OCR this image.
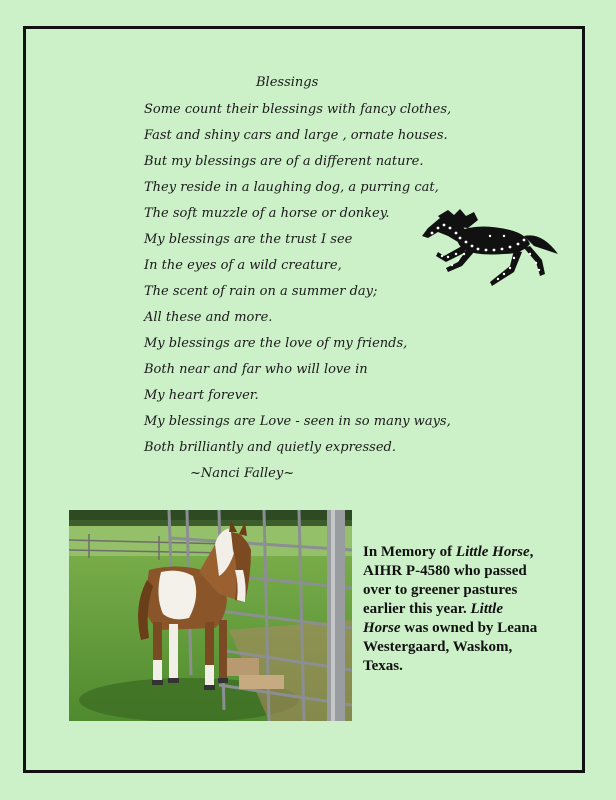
Blessings
Some count their blessings with fancy clothes,
Fast and shiny cars and large , ornate houses.
But my blessings are of a different nature.
They reside in a laughing dog, a purring cat,
The soft muzzle of a horse or donkey.
My blessings are the trust I see
In the eyes of a wild creature,
The scent of rain on a summer day;
All these and more.
My blessings are the love of my friends,
Both near and far who will love in
My heart forever.
My blessings are Love - seen in so many ways,
Both brilliantly and quietly expressed.
~Nanci Falley~
In Memory of Little Horse, AIHR P-4580 who passed over to greener pastures earlier this year. Little Horse was owned by Leana Westergaard, Waskom, Texas.
